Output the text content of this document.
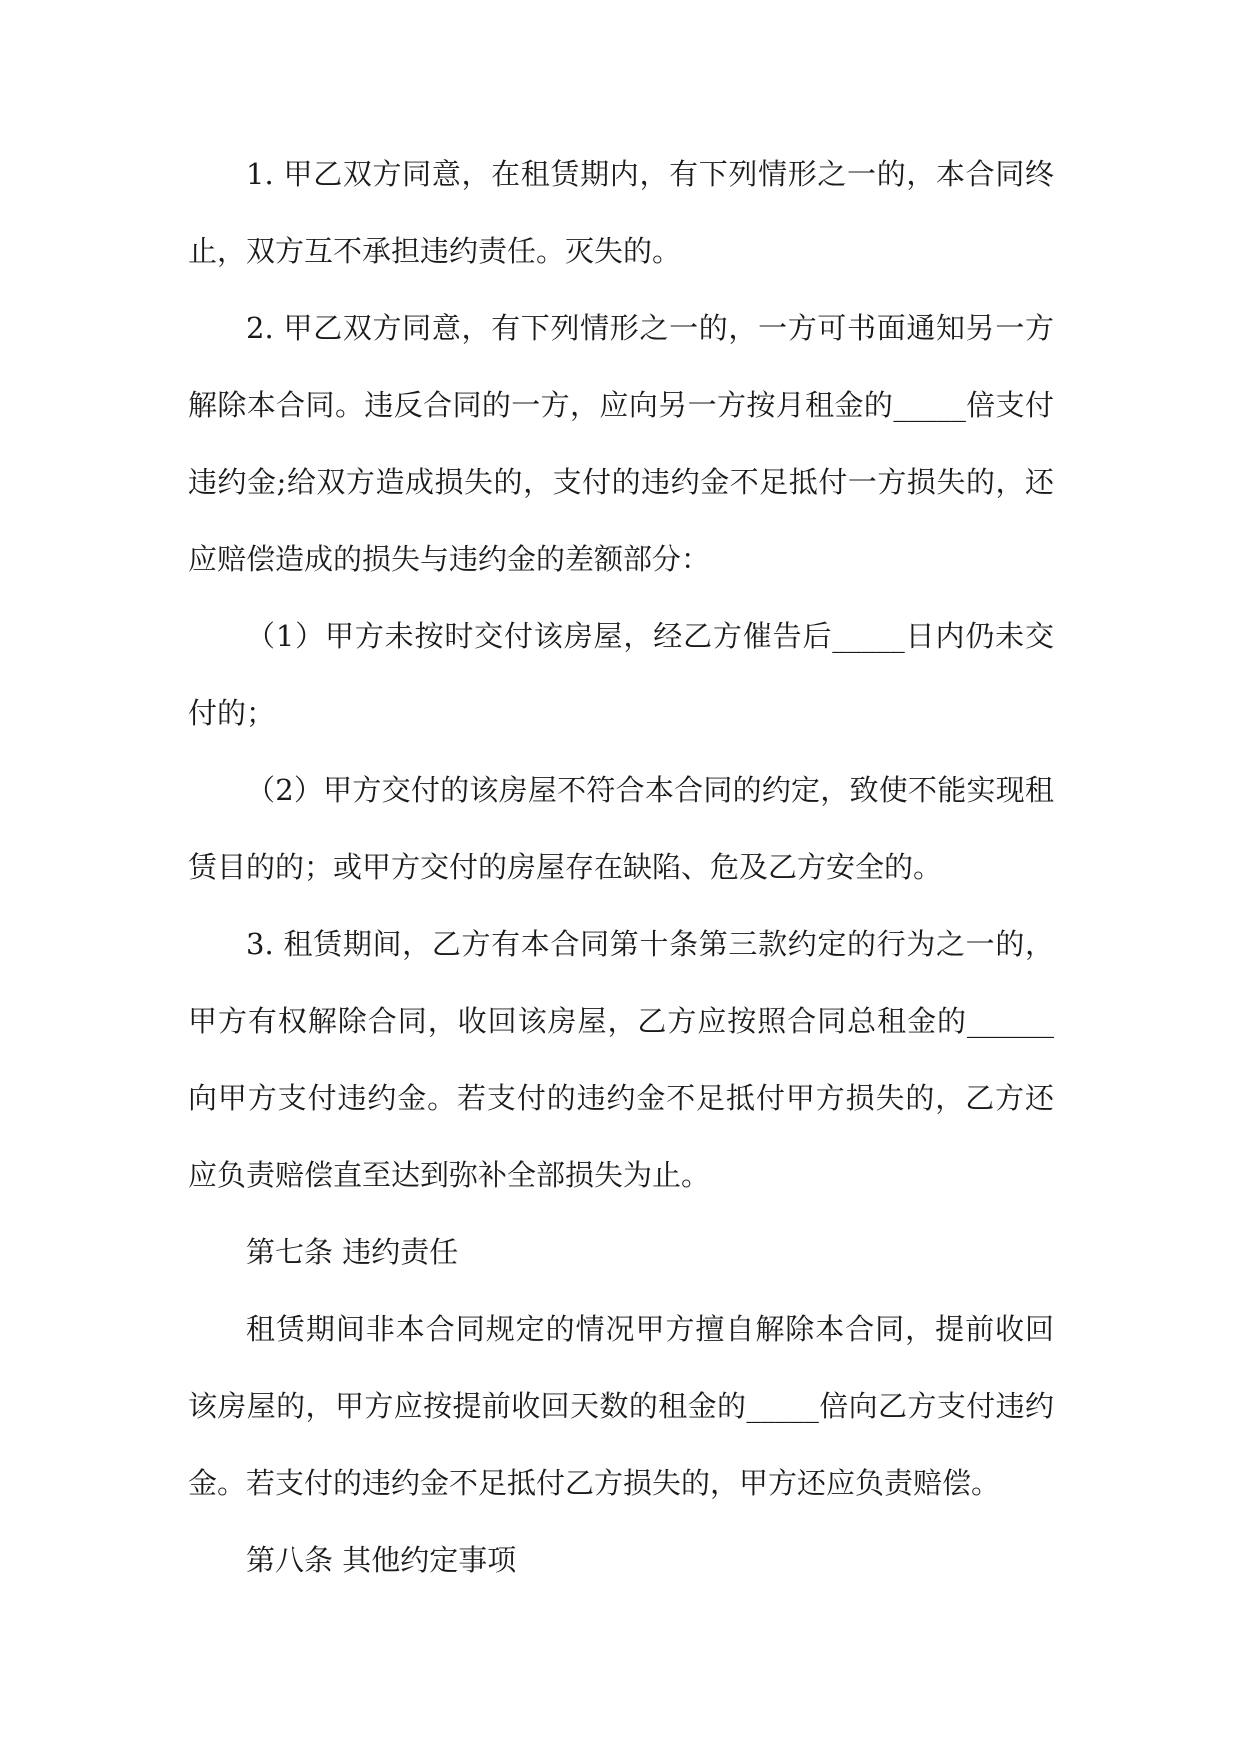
1. 甲乙双方同意，在租赁期内，有下列情形之一的，本合同终止，双方互不承担违约责任。灭失的。

2. 甲乙双方同意，有下列情形之一的，一方可书面通知另一方解除本合同。违反合同的一方，应向另一方按月租金的_____倍支付违约金;给双方造成损失的，支付的违约金不足抵付一方损失的，还应赔偿造成的损失与违约金的差额部分：

（1）甲方未按时交付该房屋，经乙方催告后_____日内仍未交付的；

（2）甲方交付的该房屋不符合本合同的约定，致使不能实现租赁目的的；或甲方交付的房屋存在缺陷、危及乙方安全的。

3. 租赁期间，乙方有本合同第十条第三款约定的行为之一的，甲方有权解除合同，收回该房屋，乙方应按照合同总租金的______向甲方支付违约金。若支付的违约金不足抵付甲方损失的，乙方还应负责赔偿直至达到弥补全部损失为止。

第七条 违约责任

租赁期间非本合同规定的情况甲方擅自解除本合同，提前收回该房屋的，甲方应按提前收回天数的租金的_____倍向乙方支付违约金。若支付的违约金不足抵付乙方损失的，甲方还应负责赔偿。

第八条 其他约定事项
